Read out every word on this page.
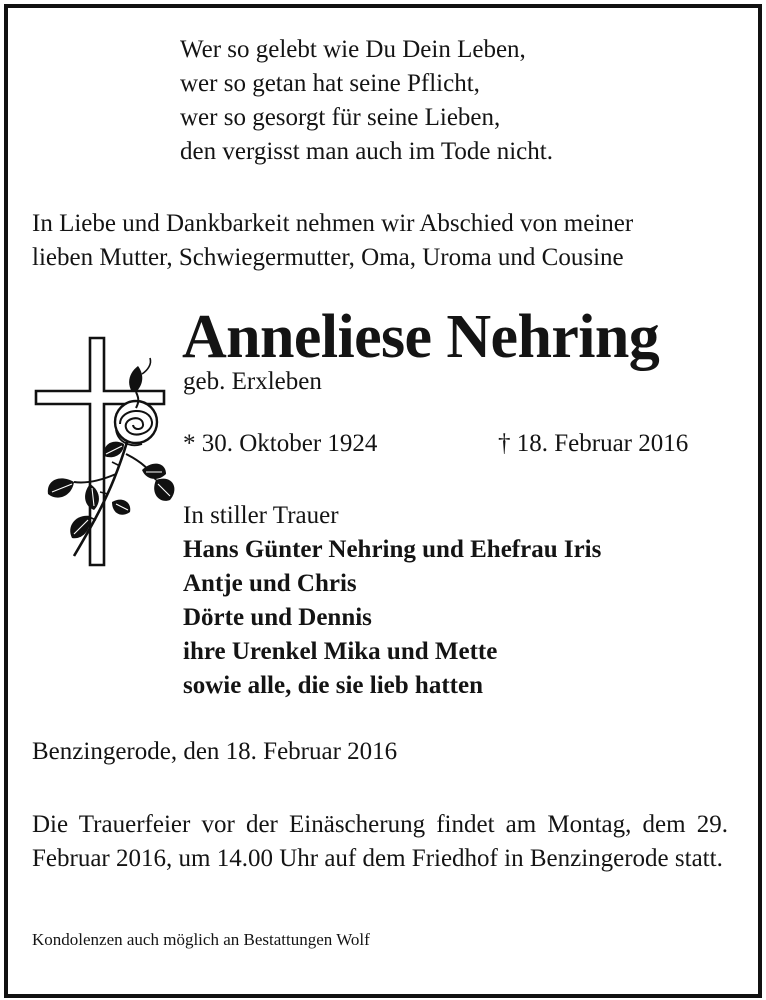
Wer so gelebt wie Du Dein Leben,

wer so getan hat seine Pflicht,

wer so gesorgt für seine Lieben,

den vergisst man auch im Tode nicht.

In Liebe und Dankbarkeit nehmen wir Abschied von meiner

lieben Mutter, Schwiegermutter, Oma, Uroma und Cousine

Anneliese Nehring

geb. Erxleben

* 30. Oktober 1924	† 18. Februar 2016

In stiller Trauer

Hans Günter Nehring und Ehefrau Iris

Antje und Chris

Dörte und Dennis

ihre Urenkel Mika und Mette

sowie alle, die sie lieb hatten

Benzingerode, den 18. Februar 2016

Die Trauerfeier vor der Einäscherung findet am Montag, dem 29. Februar 2016, um 14.00 Uhr auf dem Friedhof in Benzingerode statt.

Kondolenzen auch möglich an Bestattungen Wolf
